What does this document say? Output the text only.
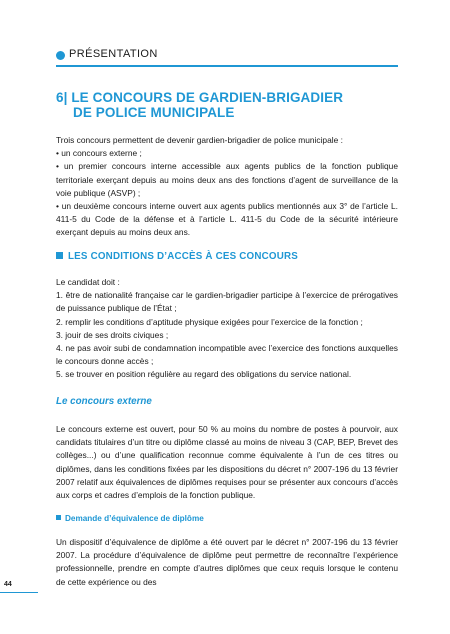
PRÉSENTATION
6| LE CONCOURS DE GARDIEN-BRIGADIER
DE POLICE MUNICIPALE

Trois concours permettent de devenir gardien-brigadier de police municipale :

• un concours externe ;

• un premier concours interne accessible aux agents publics de la fonction publique territoriale exerçant depuis au moins deux ans des fonctions d’agent de surveillance de la voie publique (ASVP) ;

• un deuxième concours interne ouvert aux agents publics mentionnés aux 3° de l’article L. 411-5 du Code de la défense et à l’article L. 411-5 du Code de la sécurité intérieure exerçant depuis au moins deux ans.

LES CONDITIONS D’ACCÈS À CES CONCOURS

Le candidat doit :

1. être de nationalité française car le gardien-brigadier participe à l’exercice de prérogatives de puissance publique de l’État ;

2. remplir les conditions d’aptitude physique exigées pour l’exercice de la fonction ;

3. jouir de ses droits civiques ;

4. ne pas avoir subi de condamnation incompatible avec l’exercice des fonctions auxquelles le concours donne accès ;

5. se trouver en position régulière au regard des obligations du service national.

Le concours externe
Le concours externe est ouvert, pour 50 % au moins du nombre de postes à pourvoir, aux candidats titulaires d’un titre ou diplôme classé au moins de niveau 3 (CAP, BEP, Brevet des collèges...) ou d’une qualification reconnue comme équivalente à l’un de ces titres ou diplômes, dans les conditions fixées par les dispositions du décret n° 2007-196 du 13 février 2007 relatif aux équivalences de diplômes requises pour se présenter aux concours d’accès aux corps et cadres d’emplois de la fonction publique.
Demande d’équivalence de diplôme
Un dispositif d’équivalence de diplôme a été ouvert par le décret n° 2007-196 du 13 février 2007. La procédure d’équivalence de diplôme peut permettre de reconnaître l’expérience professionnelle, prendre en compte d’autres diplômes que ceux requis lorsque le contenu de cette expérience ou des
44
